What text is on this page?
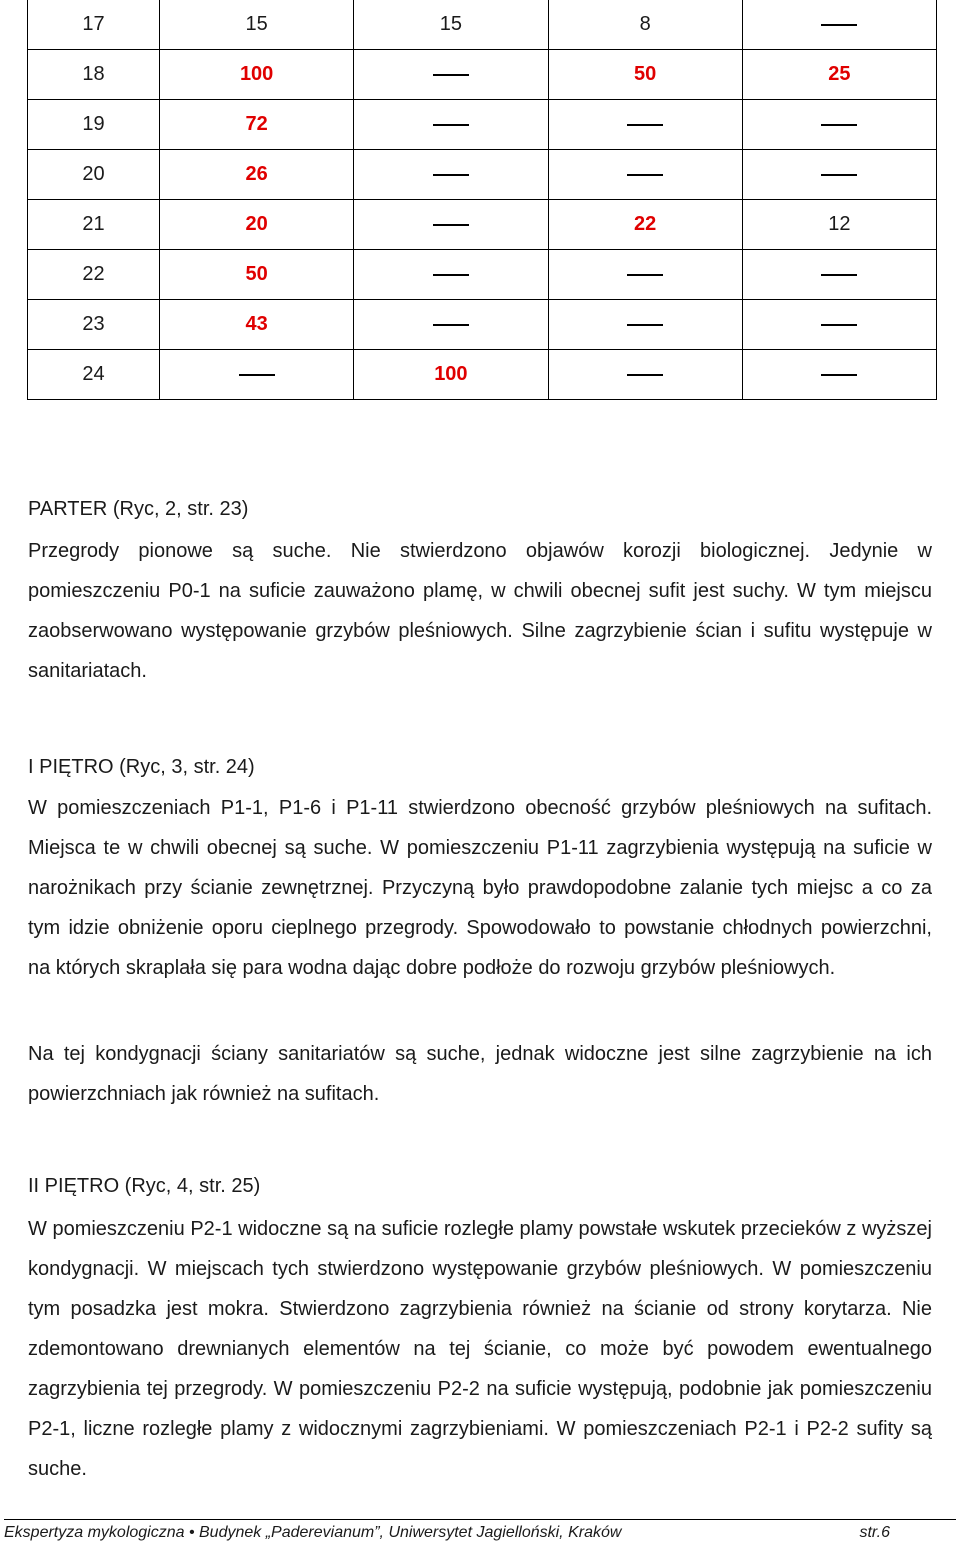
17	15	15	8	
18	100		50	25
19	72			
20	26			
21	20		22	12
22	50			
23	43			
24		100		

PARTER (Ryc, 2, str. 23)

Przegrody pionowe są suche. Nie stwierdzono objawów korozji biologicznej. Jedynie w pomieszczeniu P0-1 na suficie zauważono plamę, w chwili obecnej sufit jest suchy. W tym miejscu zaobserwowano występowanie grzybów pleśniowych. Silne zagrzybienie ścian i sufitu występuje w sanitariatach.

I PIĘTRO (Ryc, 3, str. 24)

W pomieszczeniach P1-1, P1-6 i P1-11 stwierdzono obecność grzybów pleśniowych na sufitach. Miejsca te w chwili obecnej są suche. W pomieszczeniu P1-11 zagrzybienia występują na suficie w narożnikach przy ścianie zewnętrznej. Przyczyną było prawdopodobne zalanie tych miejsc a co za tym idzie obniżenie oporu cieplnego przegrody. Spowodowało to powstanie chłodnych powierzchni, na których skraplała się para wodna dając dobre podłoże do rozwoju grzybów pleśniowych.

Na tej kondygnacji ściany sanitariatów są suche, jednak widoczne jest silne zagrzybienie na ich powierzchniach jak również na sufitach.

II PIĘTRO (Ryc, 4, str. 25)

W pomieszczeniu P2-1 widoczne są na suficie rozległe plamy powstałe wskutek przecieków z wyższej kondygnacji. W miejscach tych stwierdzono występowanie grzybów pleśniowych. W pomieszczeniu tym posadzka jest mokra. Stwierdzono zagrzybienia również na ścianie od strony korytarza. Nie zdemontowano drewnianych elementów na tej ścianie, co może być powodem ewentualnego zagrzybienia tej przegrody. W pomieszczeniu P2-2 na suficie występują, podobnie jak pomieszczeniu P2-1, liczne rozległe plamy z widocznymi zagrzybieniami. W pomieszczeniach P2-1 i P2-2 sufity są suche.

Ekspertyza mykologiczna • Budynek „Paderevianum”, Uniwersytet Jagielloński, Kraków	str.6
